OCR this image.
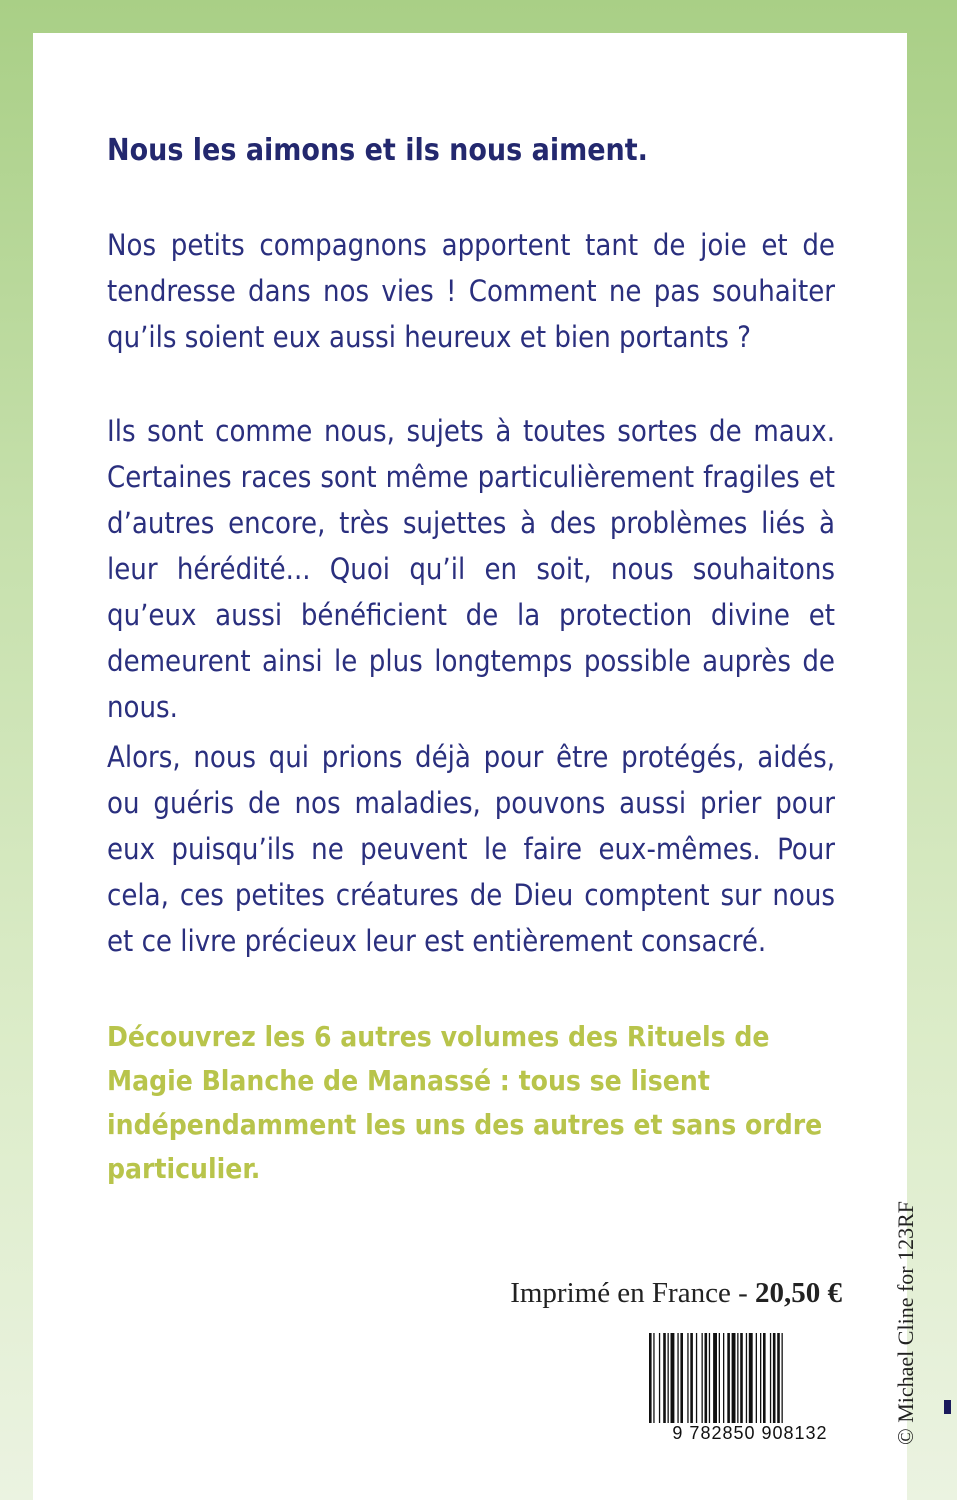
Nous les aimons et ils nous aiment.
Nos petits compagnons apportent tant de joie et de tendresse dans nos vies ! Comment ne pas souhaiter qu’ils soient eux aussi heureux et bien portants ?
Ils sont comme nous, sujets à toutes sortes de maux. Certaines races sont même particulièrement fragiles et d’autres encore, très sujettes à des problèmes liés à leur hérédité... Quoi qu’il en soit, nous souhaitons qu’eux aussi bénéficient de la protection divine et demeurent ainsi le plus longtemps possible auprès de nous.
Alors, nous qui prions déjà pour être protégés, aidés, ou guéris de nos maladies, pouvons aussi prier pour eux puisqu’ils ne peuvent le faire eux-mêmes. Pour cela, ces petites créatures de Dieu comptent sur nous et ce livre précieux leur est entièrement consacré.
Découvrez les 6 autres volumes des Rituels de Magie Blanche de Manassé : tous se lisent indépendamment les uns des autres et sans ordre particulier.
Imprimé en France - 20,50 €
9 782850 908132	© Michael Cline for 123RF
